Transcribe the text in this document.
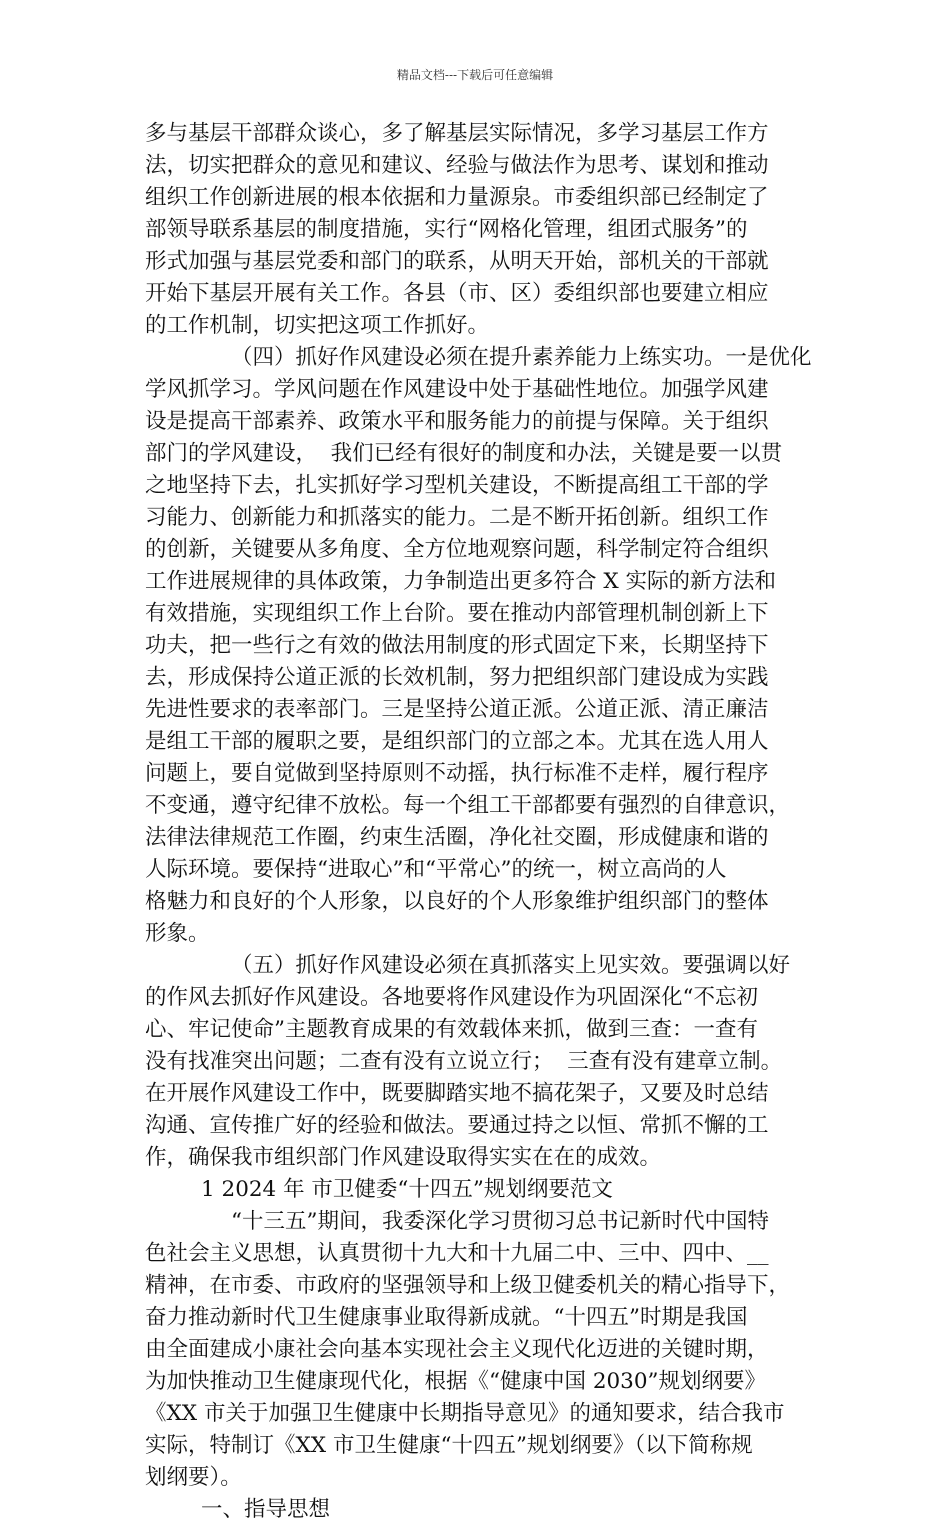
精品文档---下载后可任意编辑
多与基层干部群众谈心，多了解基层实际情况，多学习基层工作方
法，切实把群众的意见和建议、经验与做法作为思考、谋划和推动
组织工作创新进展的根本依据和力量源泉。市委组织部已经制定了
部领导联系基层的制度措施，实行“网格化管理，组团式服务”的
形式加强与基层党委和部门的联系，从明天开始，部机关的干部就
开始下基层开展有关工作。各县（市、区）委组织部也要建立相应
的工作机制，切实把这项工作抓好。
（四）抓好作风建设必须在提升素养能力上练实功。一是优化
学风抓学习。学风问题在作风建设中处于基础性地位。加强学风建
设是提高干部素养、政策水平和服务能力的前提与保障。关于组织
部门的学风建设，  我们已经有很好的制度和办法，关键是要一以贯
之地坚持下去，扎实抓好学习型机关建设，不断提高组工干部的学
习能力、创新能力和抓落实的能力。二是不断开拓创新。组织工作
的创新，关键要从多角度、全方位地观察问题，科学制定符合组织
工作进展规律的具体政策，力争制造出更多符合 X 实际的新方法和
有效措施，实现组织工作上台阶。要在推动内部管理机制创新上下
功夫，把一些行之有效的做法用制度的形式固定下来，长期坚持下
去，形成保持公道正派的长效机制，努力把组织部门建设成为实践
先进性要求的表率部门。三是坚持公道正派。公道正派、清正廉洁
是组工干部的履职之要，是组织部门的立部之本。尤其在选人用人
问题上，要自觉做到坚持原则不动摇，执行标准不走样，履行程序
不变通，遵守纪律不放松。每一个组工干部都要有强烈的自律意识，
法律法律规范工作圈，约束生活圈，净化社交圈，形成健康和谐的
人际环境。要保持“进取心”和“平常心”的统一，树立高尚的人
格魅力和良好的个人形象，以良好的个人形象维护组织部门的整体
形象。
（五）抓好作风建设必须在真抓落实上见实效。要强调以好
的作风去抓好作风建设。各地要将作风建设作为巩固深化“不忘初
心、牢记使命”主题教育成果的有效载体来抓，做到三查：一查有
没有找准突出问题；二查有没有立说立行；  三查有没有建章立制。
在开展作风建设工作中，既要脚踏实地不搞花架子，又要及时总结
沟通、宣传推广好的经验和做法。要通过持之以恒、常抓不懈的工
作，确保我市组织部门作风建设取得实实在在的成效。
1 2024 年 市卫健委“十四五”规划纲要范文
“十三五”期间，我委深化学习贯彻习总书记新时代中国特
色社会主义思想，认真贯彻十九大和十九届二中、三中、四中、__
精神，在市委、市政府的坚强领导和上级卫健委机关的精心指导下，
奋力推动新时代卫生健康事业取得新成就。“十四五”时期是我国
由全面建成小康社会向基本实现社会主义现代化迈进的关键时期，
为加快推动卫生健康现代化，根据《“健康中国 2030”规划纲要》
《XX 市关于加强卫生健康中长期指导意见》的通知要求，结合我市
实际，特制订《XX 市卫生健康“十四五”规划纲要》（以下简称规
划纲要）。
一、指导思想
